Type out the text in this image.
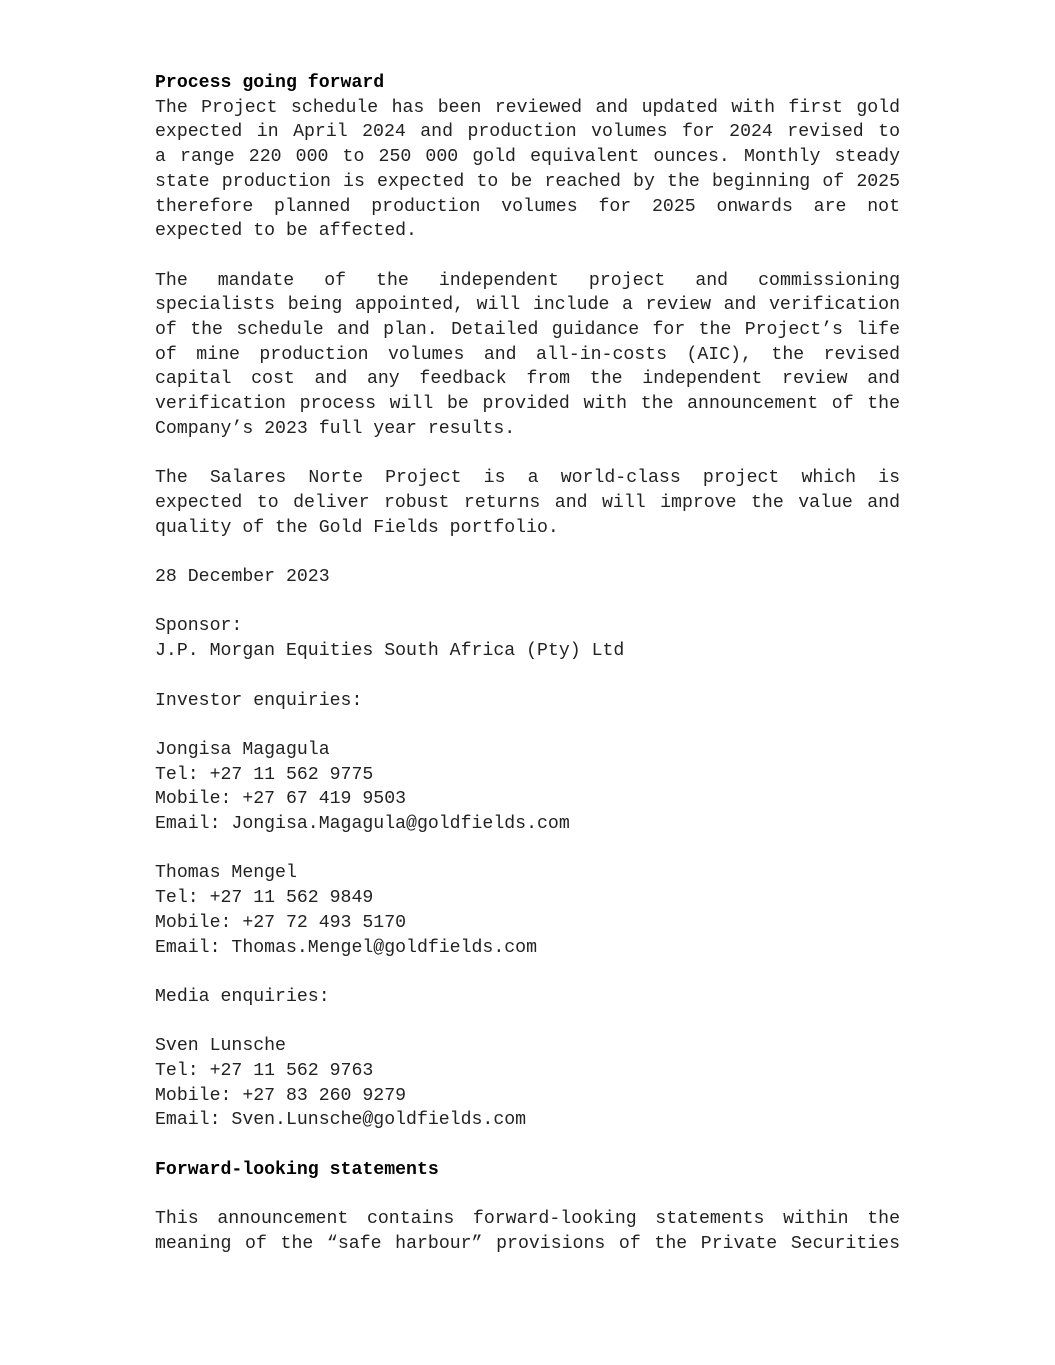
Process going forward
The Project schedule has been reviewed and updated with first gold
expected in April 2024 and production volumes for 2024 revised to
a range 220 000 to 250 000 gold equivalent ounces. Monthly steady
state production is expected to be reached by the beginning of 2025
therefore planned production volumes for 2025 onwards are not
expected to be affected.
The mandate of the independent project and commissioning
specialists being appointed, will include a review and verification
of the schedule and plan. Detailed guidance for the Project’s life
of mine production volumes and all-in-costs (AIC), the revised
capital cost and any feedback from the independent review and
verification process will be provided with the announcement of the
Company’s 2023 full year results.
The Salares Norte Project is a world-class project which is
expected to deliver robust returns and will improve the value and
quality of the Gold Fields portfolio.
28 December 2023
Sponsor:
J.P. Morgan Equities South Africa (Pty) Ltd
Investor enquiries:
Jongisa Magagula
Tel: +27 11 562 9775
Mobile: +27 67 419 9503
Email: Jongisa.Magagula@goldfields.com
Thomas Mengel
Tel: +27 11 562 9849
Mobile: +27 72 493 5170
Email: Thomas.Mengel@goldfields.com
Media enquiries:
Sven Lunsche
Tel: +27 11 562 9763
Mobile: +27 83 260 9279
Email: Sven.Lunsche@goldfields.com
Forward-looking statements
This announcement contains forward-looking statements within the
meaning of the “safe harbour” provisions of the Private Securities
